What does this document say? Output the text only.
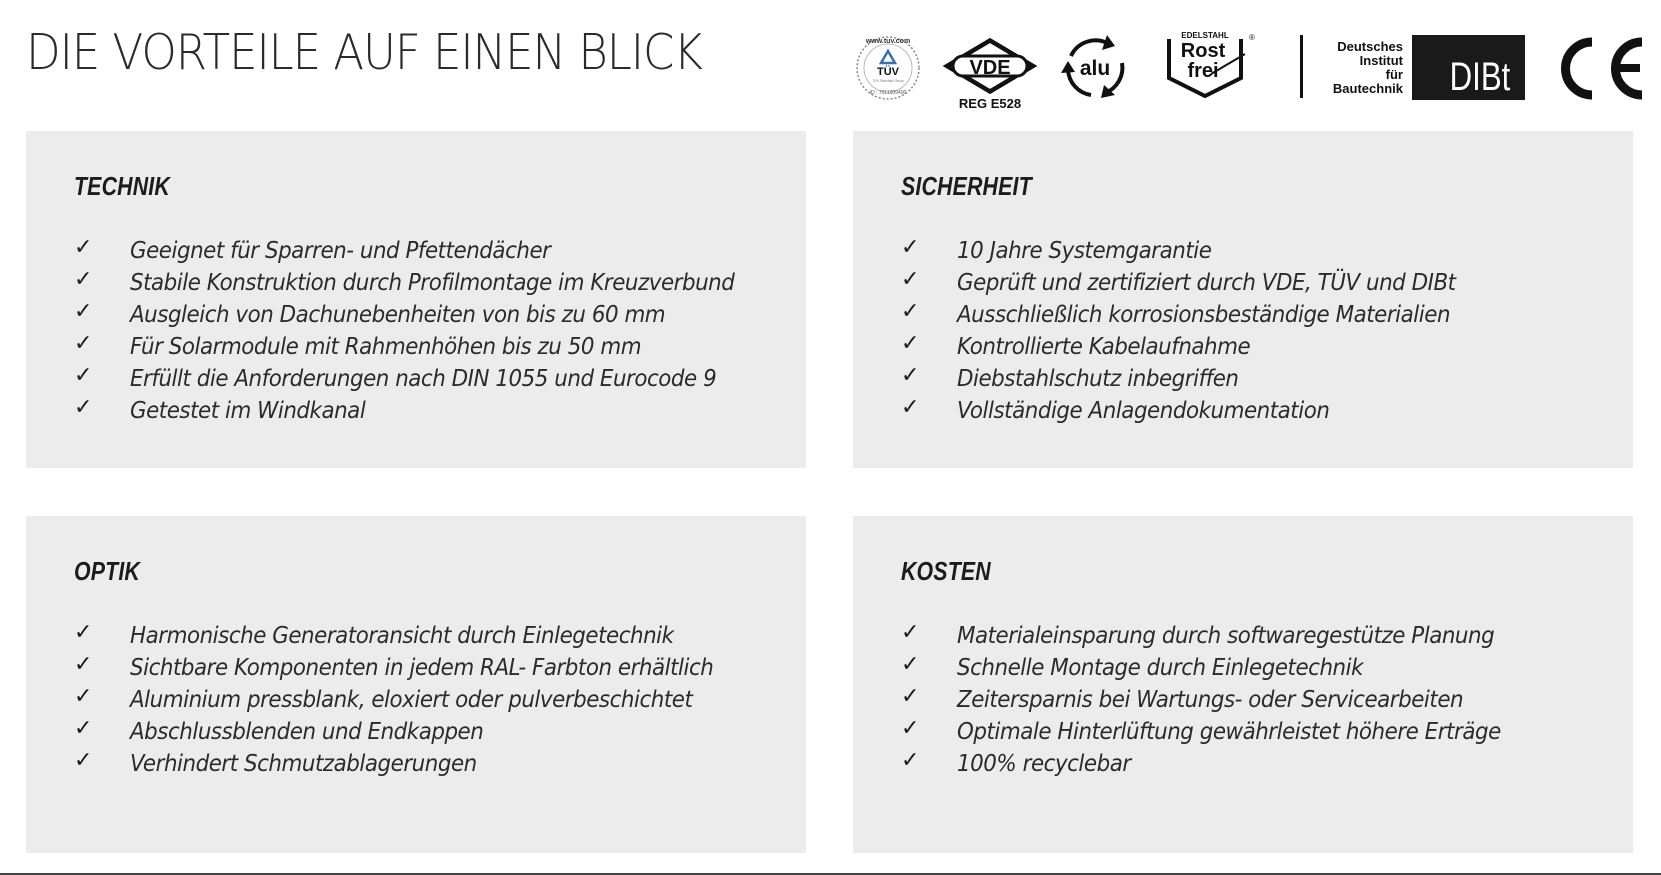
DIE VORTEILE AUF EINEN BLICK	www.tuv.com
TÜV
TÜV Rheinland Group
ID : 7011009400
VDE
REG E528
alu
EDELSTAHL
Rost
frei
®
Deutsches
Institut
für
Bautechnik DIBt
TECHNIK
✓	Geeignet für Sparren- und Pfettendächer
✓	Stabile Konstruktion durch Profilmontage im Kreuzverbund
✓	Ausgleich von Dachunebenheiten von bis zu 60 mm
✓	Für Solarmodule mit Rahmenhöhen bis zu 50 mm
✓	Erfüllt die Anforderungen nach DIN 1055 und Eurocode 9
✓	Getestet im Windkanal
SICHERHEIT
✓	10 Jahre Systemgarantie
✓	Geprüft und zertifiziert durch VDE, TÜV und DIBt
✓	Ausschließlich korrosionsbeständige Materialien
✓	Kontrollierte Kabelaufnahme
✓	Diebstahlschutz inbegriffen
✓	Vollständige Anlagendokumentation
OPTIK
✓	Harmonische Generatoransicht durch Einlegetechnik
✓	Sichtbare Komponenten in jedem RAL- Farbton erhältlich
✓	Aluminium pressblank, eloxiert oder pulverbeschichtet
✓	Abschlussblenden und Endkappen
✓	Verhindert Schmutzablagerungen
KOSTEN
✓	Materialeinsparung durch softwaregestütze Planung
✓	Schnelle Montage durch Einlegetechnik
✓	Zeitersparnis bei Wartungs- oder Servicearbeiten
✓	Optimale Hinterlüftung gewährleistet höhere Erträge
✓	100% recyclebar
